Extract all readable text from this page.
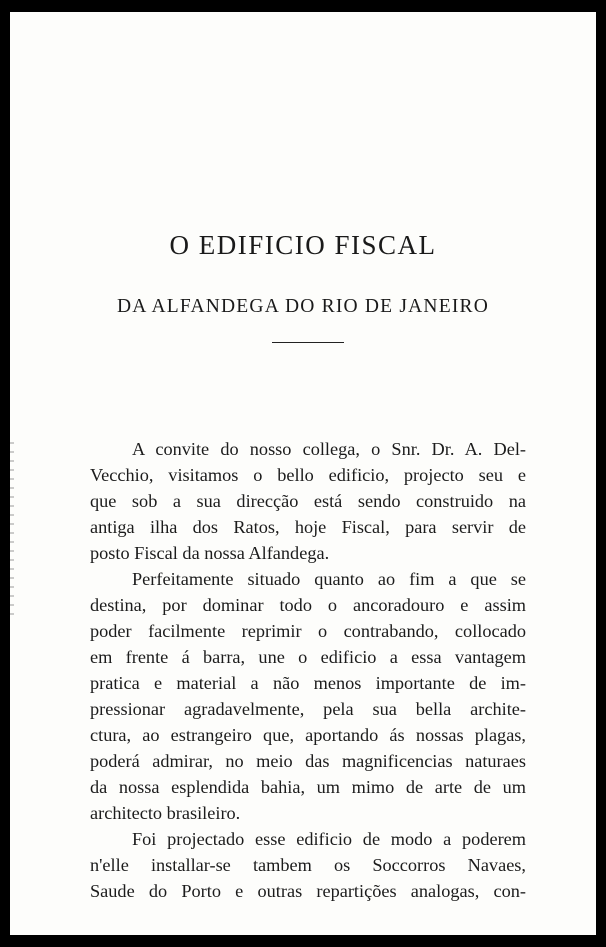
O EDIFICIO FISCAL
DA ALFANDEGA DO RIO DE JANEIRO
A convite do nosso collega, o Snr. Dr. A. Del-
Vecchio, visitamos o bello edificio, projecto seu e
que sob a sua direcção está sendo construido na
antiga ilha dos Ratos, hoje Fiscal, para servir de
posto Fiscal da nossa Alfandega.
Perfeitamente situado quanto ao fim a que se
destina, por dominar todo o ancoradouro e assim
poder facilmente reprimir o contrabando, collocado
em frente á barra, une o edificio a essa vantagem
pratica e material a não menos importante de im-
pressionar agradavelmente, pela sua bella archite-
ctura, ao estrangeiro que, aportando ás nossas plagas,
poderá admirar, no meio das magnificencias naturaes
da nossa esplendida bahia, um mimo de arte de um
architecto brasileiro.
Foi projectado esse edificio de modo a poderem
n'elle installar-se tambem os Soccorros Navaes,
Saude do Porto e outras repartições analogas, con-
